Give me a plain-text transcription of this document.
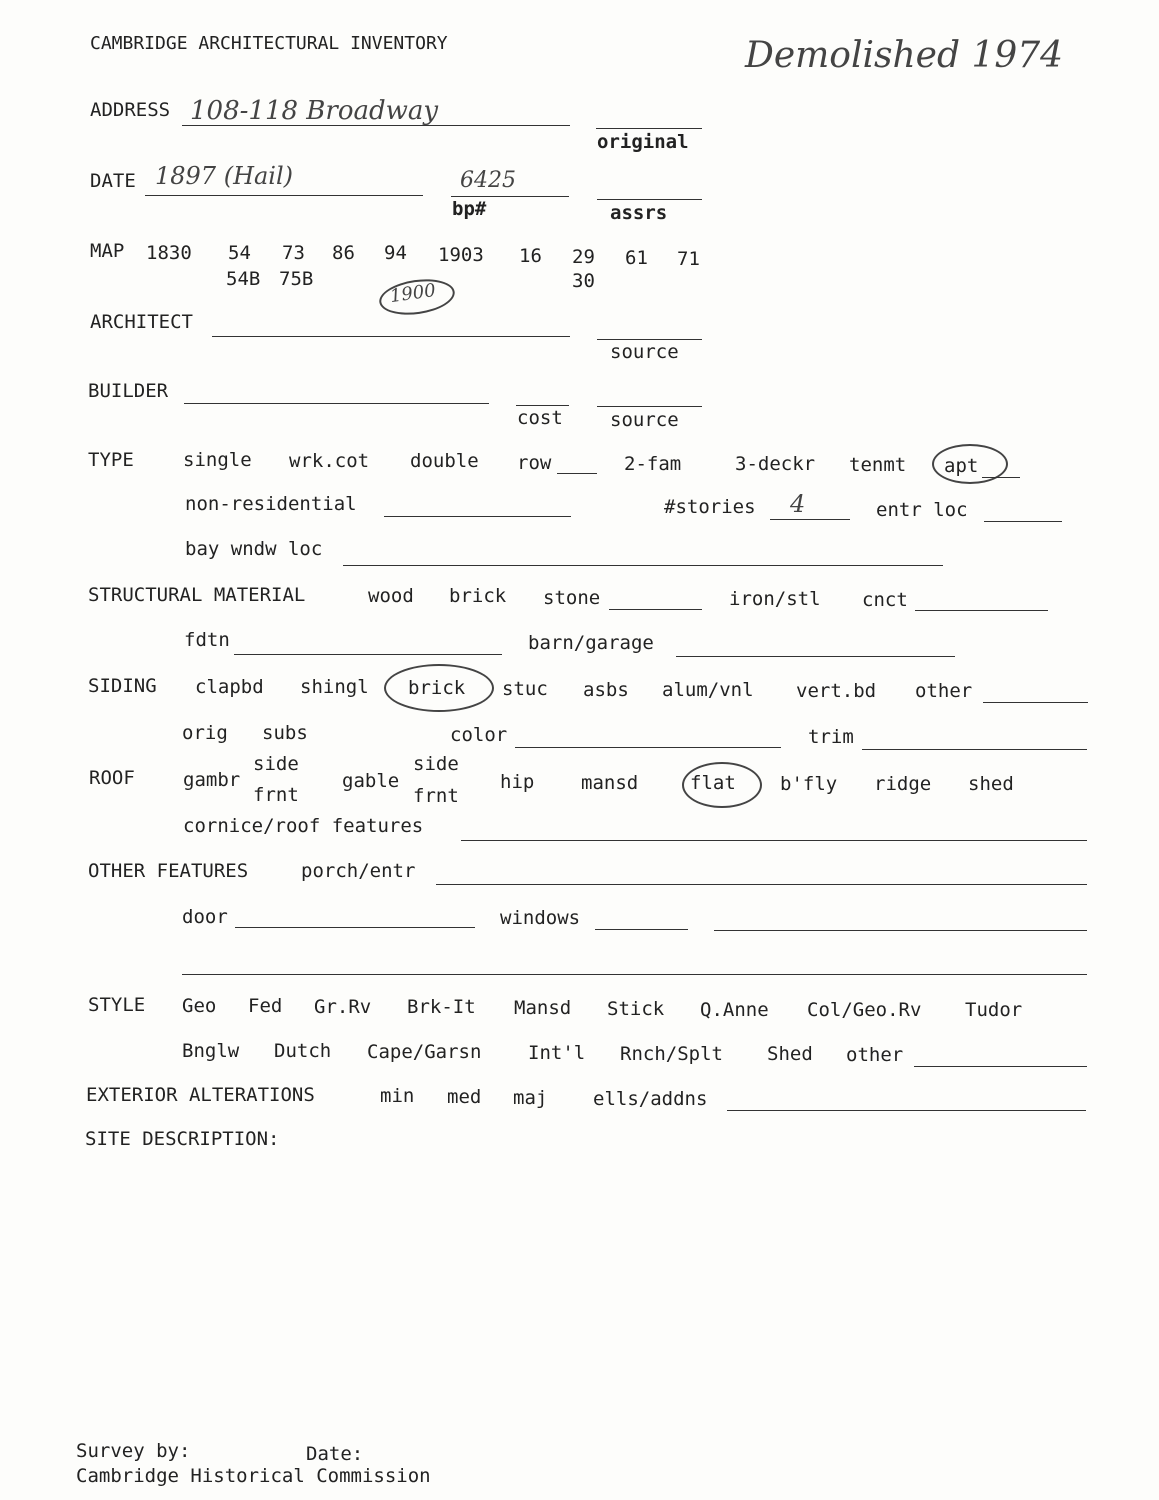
CAMBRIDGE ARCHITECTURAL INVENTORY	Demolished 1974
ADDRESS 108-118 Broadway
original
DATE 1897 (Hail)	6425
bp#	assrs
MAP 1830 54 73 86 94 1903 16 29 61 71
54B 75B	30
1900
ARCHITECT
source
BUILDER
cost source
TYPE	single wrk.cot double row	2-fam	3-deckr tenmt apt
non-residential	#stories 4	entr loc
bay wndw loc
STRUCTURAL MATERIAL	wood brick stone	iron/stl cnct
fdtn	barn/garage
SIDING clapbd shingl brick stuc asbs alum/vnl vert.bd other
orig subs	color	trim
ROOF	gambr
side
frnt
gable
side
frnt
hip mansd	flat b'fly ridge shed
cornice/roof features
OTHER FEATURES	porch/entr
door	windows
STYLE Geo Fed Gr.Rv Brk-It Mansd Stick Q.Anne Col/Geo.Rv Tudor
Bnglw Dutch Cape/Garsn Int'l Rnch/Splt Shed other
EXTERIOR ALTERATIONS	min med maj ells/addns
SITE DESCRIPTION:
Survey by:	Date:
Cambridge Historical Commission
